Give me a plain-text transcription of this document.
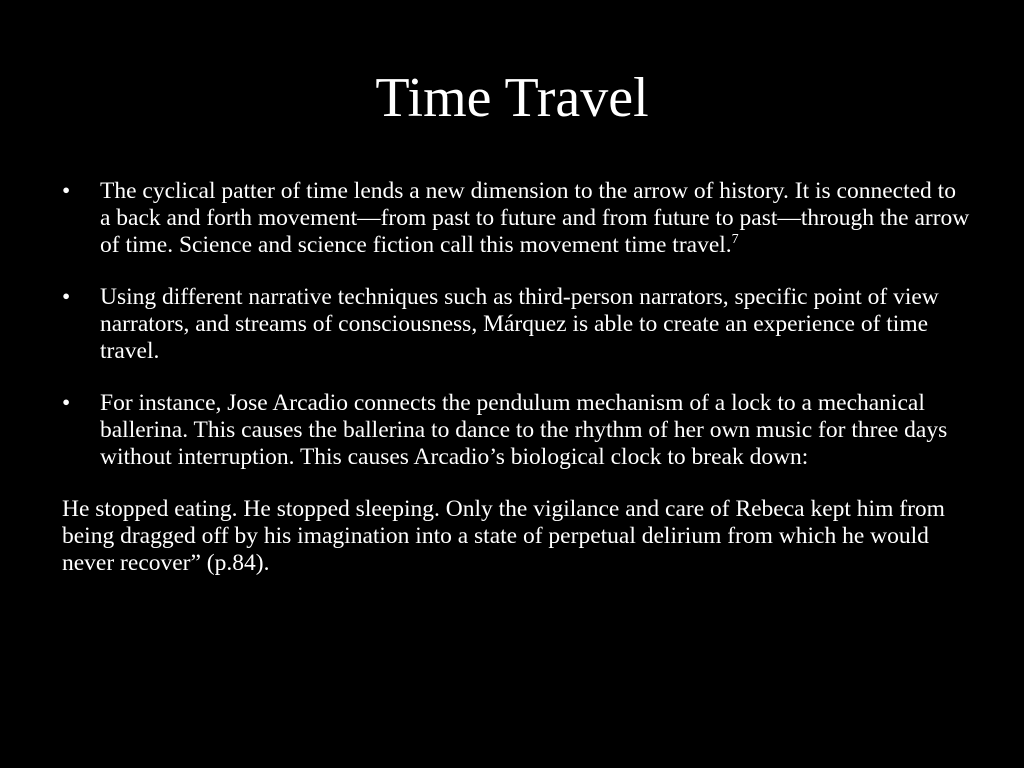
Time Travel
•	The cyclical patter of time lends a new dimension to the arrow of history. It is connected to a back and forth movement—from past to future and from future to past—through the arrow of time. Science and science fiction call this movement time travel.$^7$
•	Using different narrative techniques such as third-person narrators, specific point of view narrators, and streams of consciousness, Márquez is able to create an experience of time travel.
•	For instance, Jose Arcadio connects the pendulum mechanism of a lock to a mechanical ballerina. This causes the ballerina to dance to the rhythm of her own music for three days without interruption. This causes Arcadio’s biological clock to break down:

He stopped eating. He stopped sleeping. Only the vigilance and care of Rebeca kept him from being dragged off by his imagination into a state of perpetual delirium from which he would never recover” (p.84).
